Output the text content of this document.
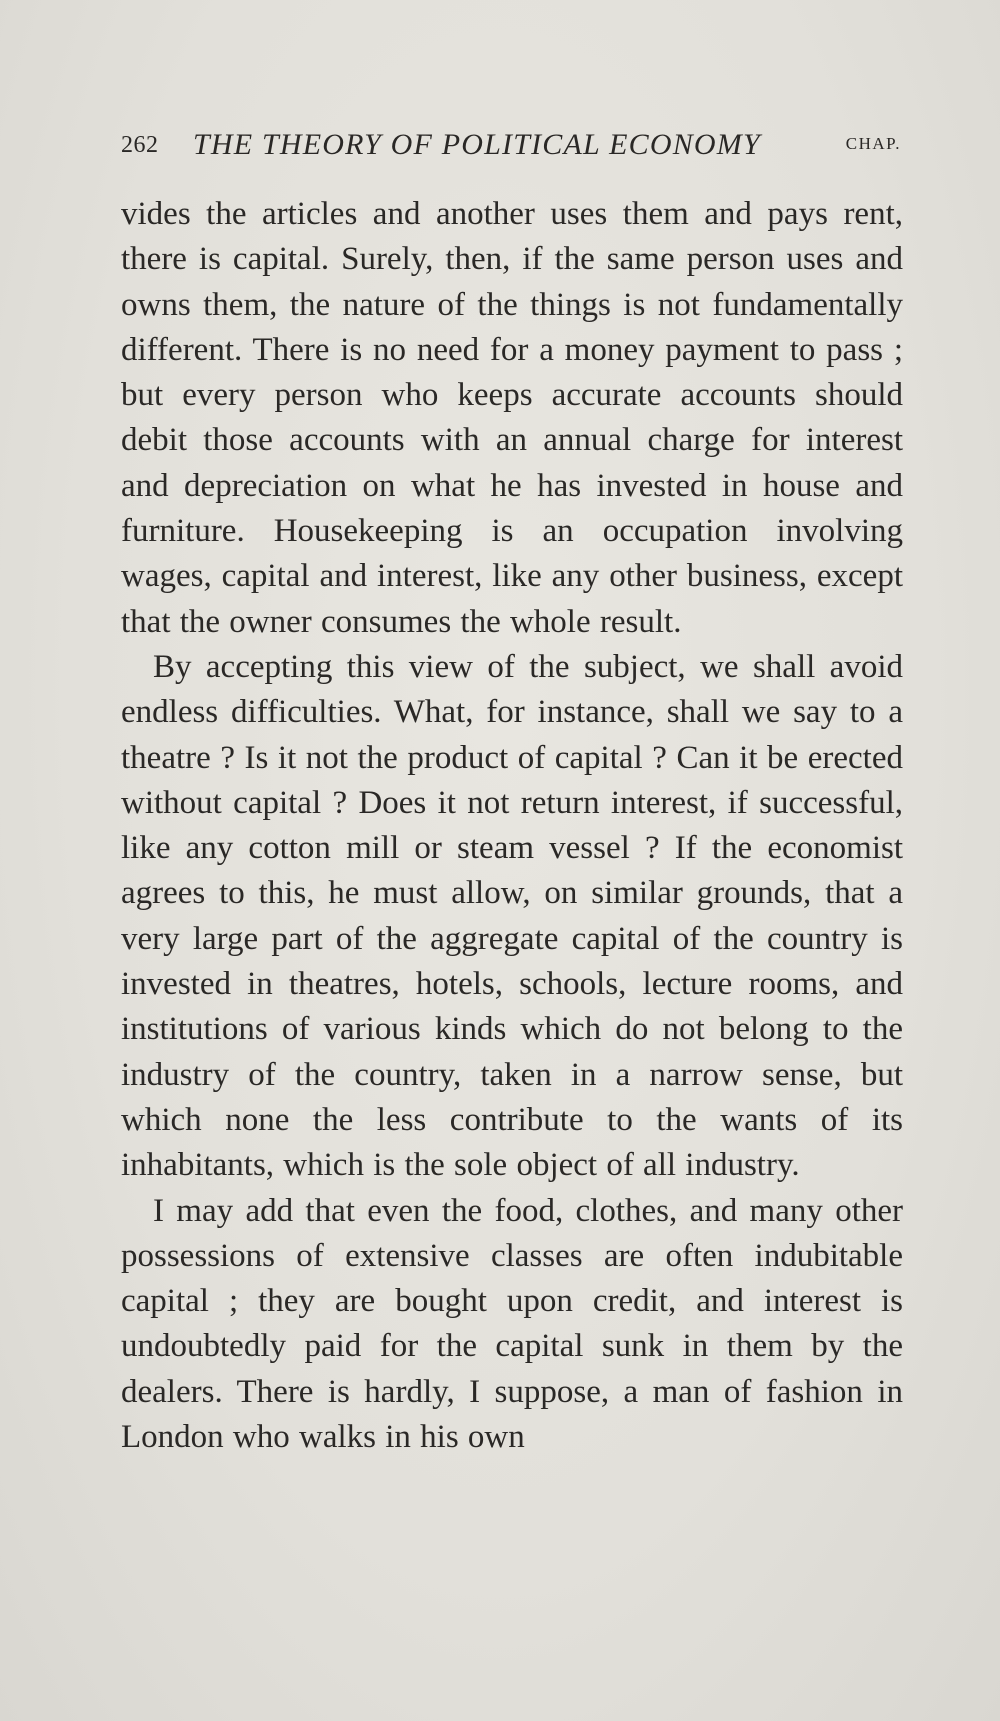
262 THE THEORY OF POLITICAL ECONOMY	CHAP.

vides the articles and another uses them and pays rent, there is capital. Surely, then, if the same person uses and owns them, the nature of the things is not fundamentally different. There is no need for a money payment to pass ; but every person who keeps accurate accounts should debit those accounts with an annual charge for interest and depreciation on what he has invested in house and furniture. Housekeeping is an occupation involving wages, capital and interest, like any other business, except that the owner consumes the whole result.

By accepting this view of the subject, we shall avoid endless difficulties. What, for instance, shall we say to a theatre ? Is it not the product of capital ? Can it be erected without capital ? Does it not return interest, if successful, like any cotton mill or steam vessel ? If the economist agrees to this, he must allow, on similar grounds, that a very large part of the aggregate capital of the country is invested in theatres, hotels, schools, lecture rooms, and institutions of various kinds which do not belong to the industry of the country, taken in a narrow sense, but which none the less contribute to the wants of its inhabitants, which is the sole object of all industry.

I may add that even the food, clothes, and many other possessions of extensive classes are often indubitable capital ; they are bought upon credit, and interest is undoubtedly paid for the capital sunk in them by the dealers. There is hardly, I suppose, a man of fashion in London who walks in his own
